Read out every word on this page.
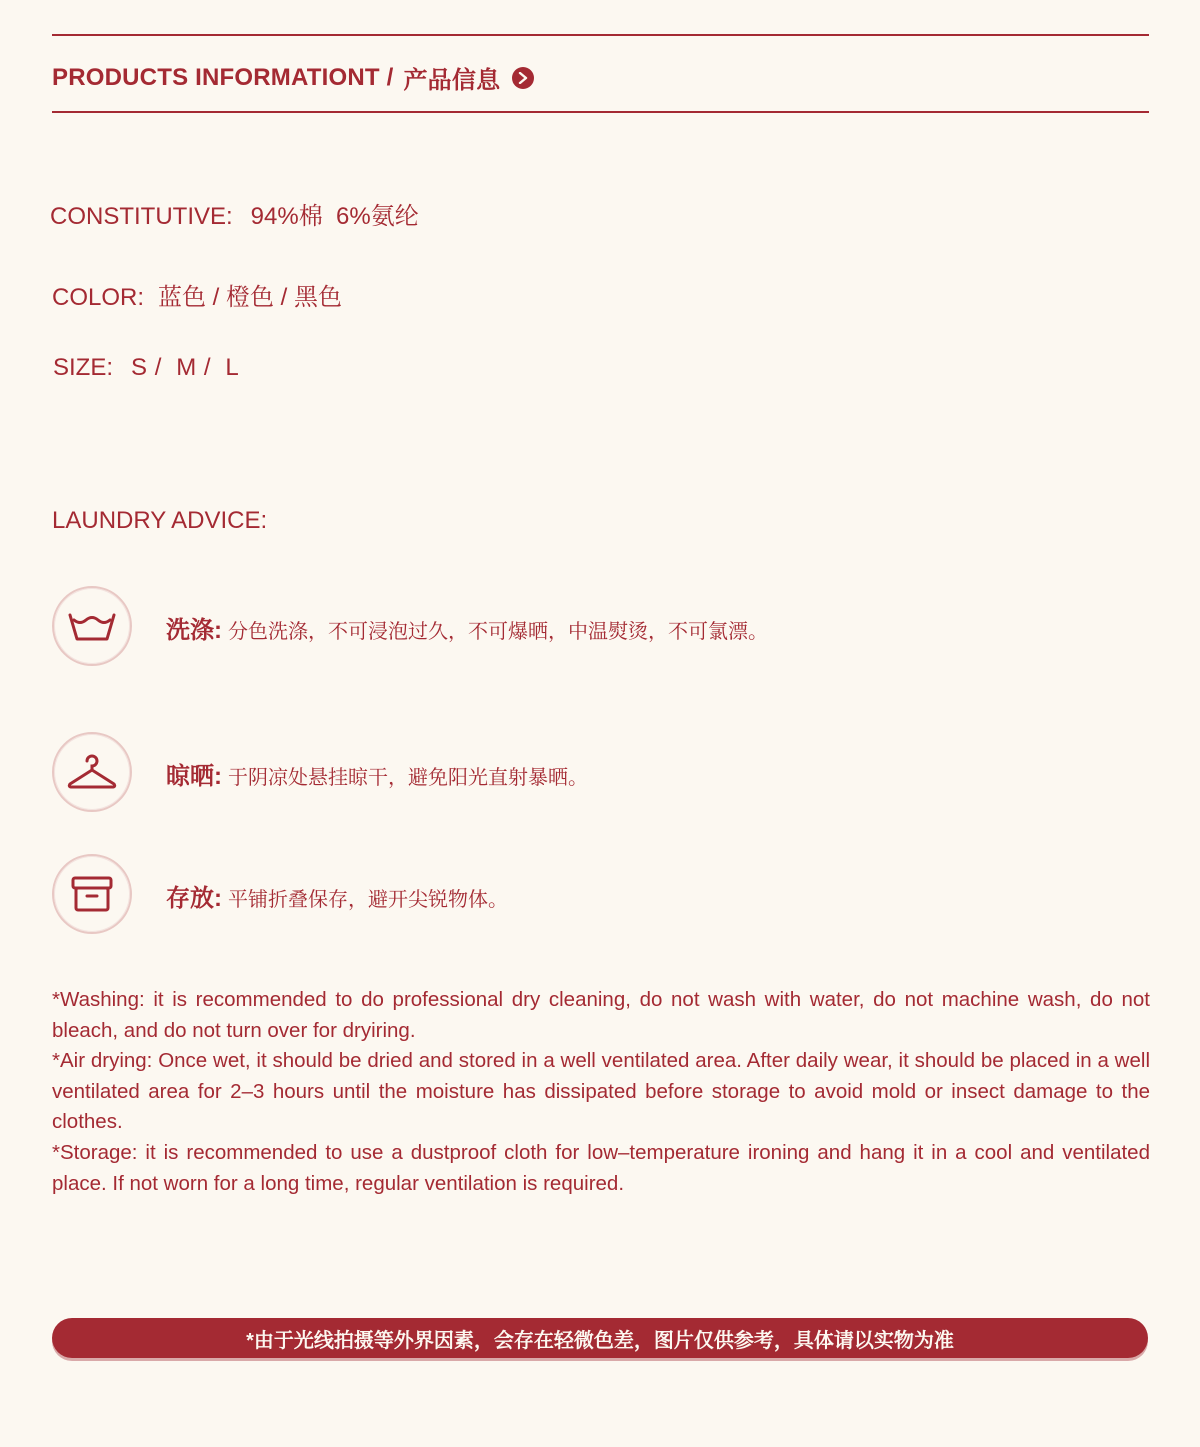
PRODUCTS INFORMATIONT / 产品信息
CONSTITUTIVE: 94%棉  6%氨纶
COLOR: 蓝色 / 橙色 / 黑色
SIZE: S /  M /  L
LAUNDRY ADVICE:
洗涤: 分色洗涤，不可浸泡过久，不可爆晒，中温熨烫，不可氯漂。
晾晒: 于阴凉处悬挂晾干，避免阳光直射暴晒。
存放: 平铺折叠保存，避开尖锐物体。

*Washing: it is recommended to do professional dry cleaning, do not wash with water, do not machine wash, do not bleach, and do not turn over for dryiring.

*Air drying: Once wet, it should be dried and stored in a well ventilated area. After daily wear, it should be placed in a well ventilated area for 2–3 hours until the moisture has dissipated before storage to avoid mold or insect damage to the clothes.

*Storage: it is recommended to use a dustproof cloth for low–temperature ironing and hang it in a cool and ventilated place. If not worn for a long time, regular ventilation is required.

*由于光线拍摄等外界因素，会存在轻微色差，图片仅供参考，具体请以实物为准
